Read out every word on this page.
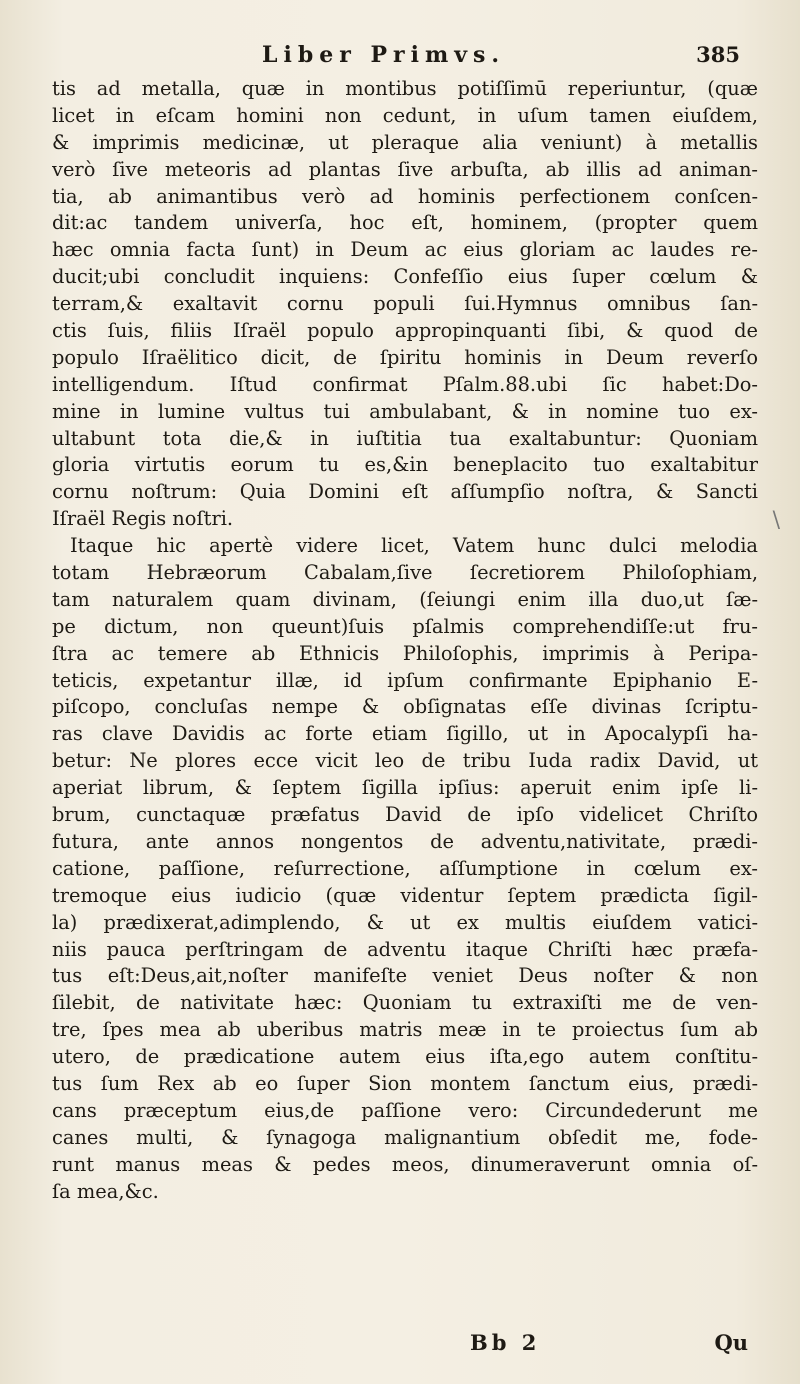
Liber Primvs.	385
tis ad metalla, quæ in montibus potiſſimū reperiuntur, (quæ
licet in eſcam homini non cedunt, in uſum tamen eiuſdem,
& imprimis medicinæ, ut pleraque alia veniunt) à metallis
verò ſive meteoris ad plantas ſive arbuſta, ab illis ad animan-
tia, ab animantibus verò ad hominis perfectionem conſcen-
dit:ac tandem univerſa, hoc eſt, hominem, (propter quem
hæc omnia facta ſunt) in Deum ac eius gloriam ac laudes re-
ducit;ubi concludit inquiens: Confeſſio eius ſuper cœlum &
terram,& exaltavit cornu populi ſui.Hymnus omnibus ſan-
ctis ſuis, filiis Iſraël populo appropinquanti ſibi, & quod de
populo Iſraëlitico dicit, de ſpiritu hominis in Deum reverſo
intelligendum. Iſtud confirmat Pſalm.88.ubi ſic habet:Do-
mine in lumine vultus tui ambulabant, & in nomine tuo ex-
ultabunt tota die,& in iuſtitia tua exaltabuntur: Quoniam
gloria virtutis eorum tu es,&in beneplacito tuo exaltabitur
cornu noſtrum: Quia Domini eſt aſſumpſio noſtra, & Sancti
Iſraël Regis noſtri.
Itaque hic apertè videre licet, Vatem hunc dulci melodia
totam Hebræorum Cabalam,ſive ſecretiorem Philoſophiam,
tam naturalem quam divinam, (ſeiungi enim illa duo,ut ſæ-
pe dictum, non queunt)ſuis pſalmis comprehendiſſe:ut fru-
ſtra ac temere ab Ethnicis Philoſophis, imprimis à Peripa-
teticis, expetantur illæ, id ipſum confirmante Epiphanio E-
piſcopo, concluſas nempe & obſignatas eſſe divinas ſcriptu-
ras clave Davidis ac forte etiam ſigillo, ut in Apocalypſi ha-
betur: Ne plores ecce vicit leo de tribu Iuda radix David, ut
aperiat librum, & ſeptem ſigilla ipſius: aperuit enim ipſe li-
brum, cunctaquæ præfatus David de ipſo videlicet Chriſto
futura, ante annos nongentos de adventu,nativitate, prædi-
catione, paſſione, reſurrectione, aſſumptione in cœlum ex-
tremoque eius iudicio (quæ videntur ſeptem prædicta ſigil-
la) prædixerat,adimplendo, & ut ex multis eiuſdem vatici-
niis pauca perſtringam de adventu itaque Chriſti hæc præfa-
tus eſt:Deus,ait,noſter manifeſte veniet Deus noſter & non
ſilebit, de nativitate hæc: Quoniam tu extraxiſti me de ven-
tre, ſpes mea ab uberibus matris meæ in te proiectus ſum ab
utero, de prædicatione autem eius iſta,ego autem conſtitu-
tus ſum Rex ab eo ſuper Sion montem ſanctum eius, prædi-
cans præceptum eius,de paſſione vero: Circundederunt me
canes multi, & ſynagoga malignantium obſedit me, fode-
runt manus meas & pedes meos, dinumeraverunt omnia oſ-
ſa mea,&c.
\
Bb 2	Qu
